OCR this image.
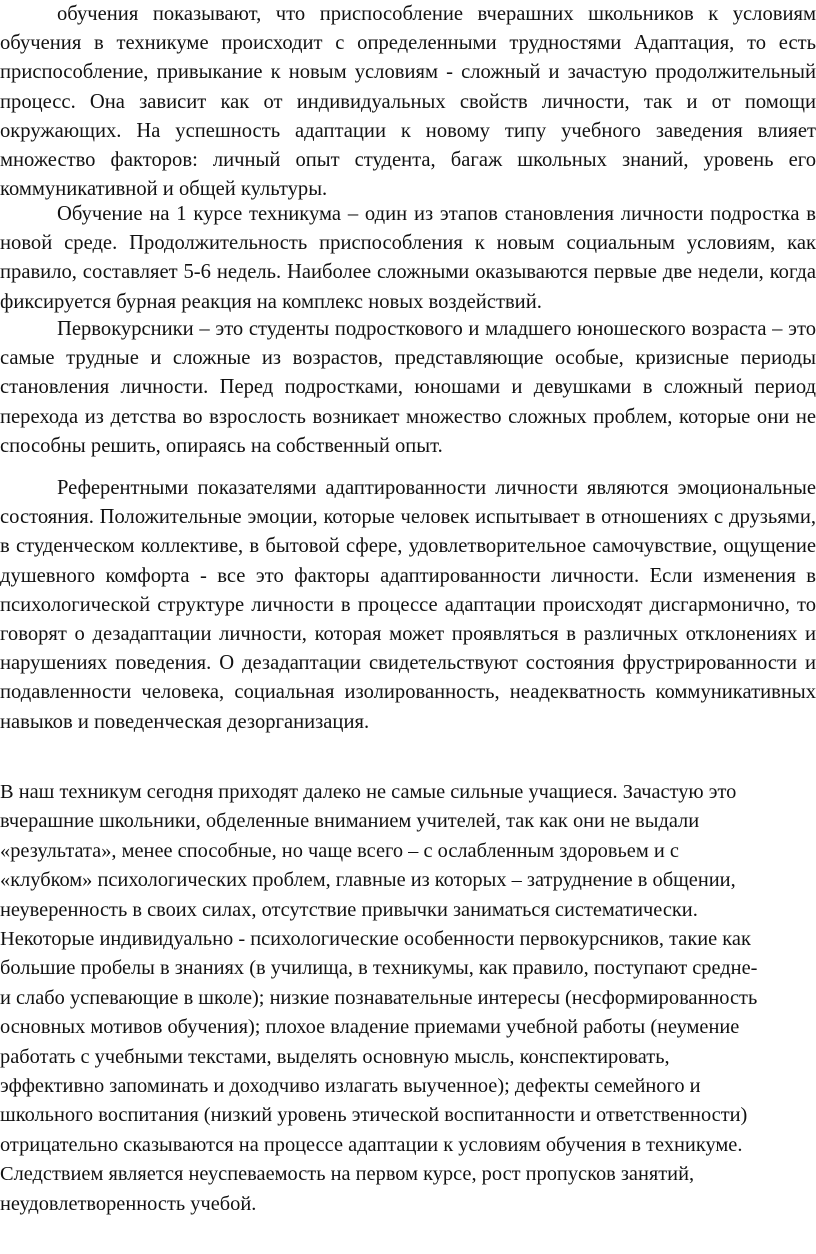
обучения показывают, что приспособление вчерашних школьников к условиям обучения в техникуме происходит с определенными трудностями Адаптация, то есть приспособление, привыкание к новым условиям - сложный и зачастую продолжительный процесс. Она зависит как от индивидуальных свойств личности, так и от помощи окружающих. На успешность адаптации к новому типу учебного заведения влияет множество факторов: личный опыт студента, багаж школьных знаний, уровень его коммуникативной и общей культуры.

Обучение на 1 курсе техникума – один из этапов становления личности подростка в новой среде. Продолжительность приспособления к новым социальным условиям, как правило, составляет 5-6 недель. Наиболее сложными оказываются первые две недели, когда фиксируется бурная реакция на комплекс новых воздействий.

Первокурсники – это студенты подросткового и младшего юношеского возраста – это самые трудные и сложные из возрастов, представляющие особые, кризисные периоды становления личности. Перед подростками, юношами и девушками в сложный период перехода из детства во взрослость возникает множество сложных проблем, которые они не способны решить, опираясь на собственный опыт.

Референтными показателями адаптированности личности являются эмоциональные состояния. Положительные эмоции, которые человек испытывает в отношениях с друзьями, в студенческом коллективе, в бытовой сфере, удовлетворительное самочувствие, ощущение душевного комфорта - все это факторы адаптированности личности. Если изменения в психологической структуре личности в процессе адаптации происходят дисгармонично, то говорят о дезадаптации личности, которая может проявляться в различных отклонениях и нарушениях поведения. О дезадаптации свидетельствуют состояния фрустрированности и подавленности человека, социальная изолированность, неадекватность коммуникативных навыков и поведенческая дезорганизация.

В наш техникум сегодня приходят далеко не самые сильные учащиеся. Зачастую это
вчерашние школьники, обделенные вниманием учителей, так как они не выдали
«результата», менее способные, но чаще всего – с ослабленным здоровьем и с
«клубком» психологических проблем, главные из которых – затруднение в общении,
неуверенность в своих силах, отсутствие привычки заниматься систематически.
Некоторые индивидуально - психологические особенности первокурсников, такие как
большие пробелы в знаниях (в училища, в техникумы, как правило, поступают средне-
и слабо успевающие в школе); низкие познавательные интересы (несформированность
основных мотивов обучения); плохое владение приемами учебной работы (неумение
работать с учебными текстами, выделять основную мысль, конспектировать,
эффективно запоминать и доходчиво излагать выученное); дефекты семейного и
школьного воспитания (низкий уровень этической воспитанности и ответственности)
отрицательно сказываются на процессе адаптации к условиям обучения в техникуме.
Следствием является неуспеваемость на первом курсе, рост пропусков занятий,
неудовлетворенность учебой.
